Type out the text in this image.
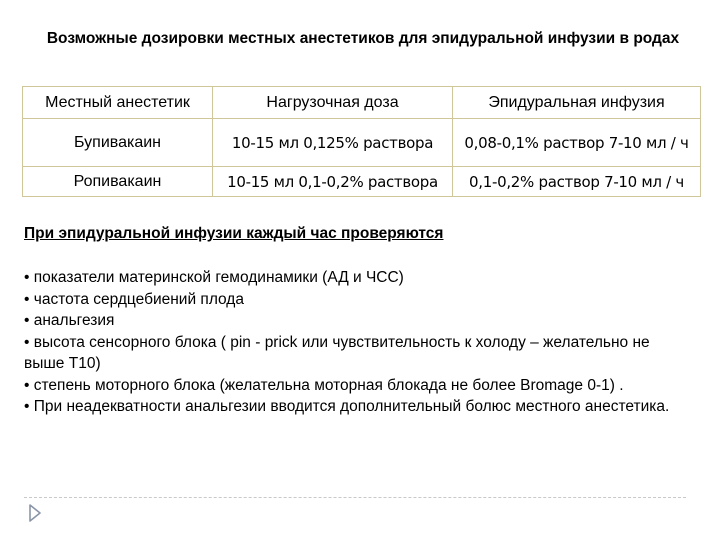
Возможные дозировки местных анестетиков для эпидуральной инфузии в родах
Местный анестетик	Нагрузочная доза	Эпидуральная инфузия
Бупивакаин	10-15 мл 0,125% раствора	0,08-0,1% раствор 7-10 мл / ч
Ропивакаин	10-15 мл 0,1-0,2% раствора	0,1-0,2% раствор 7-10 мл / ч
При эпидуральной инфузии каждый час проверяются
• показатели материнской гемодинамики (АД и ЧСС)
• частота сердцебиений плода
• анальгезия
• высота сенсорного блока ( pin - prick или чувствительность к холоду – желательно не выше Т10)
• степень моторного блока (желательна моторная блокада не более Bromage 0-1) .
• При неадекватности анальгезии вводится дополнительный болюс местного анестетика.
